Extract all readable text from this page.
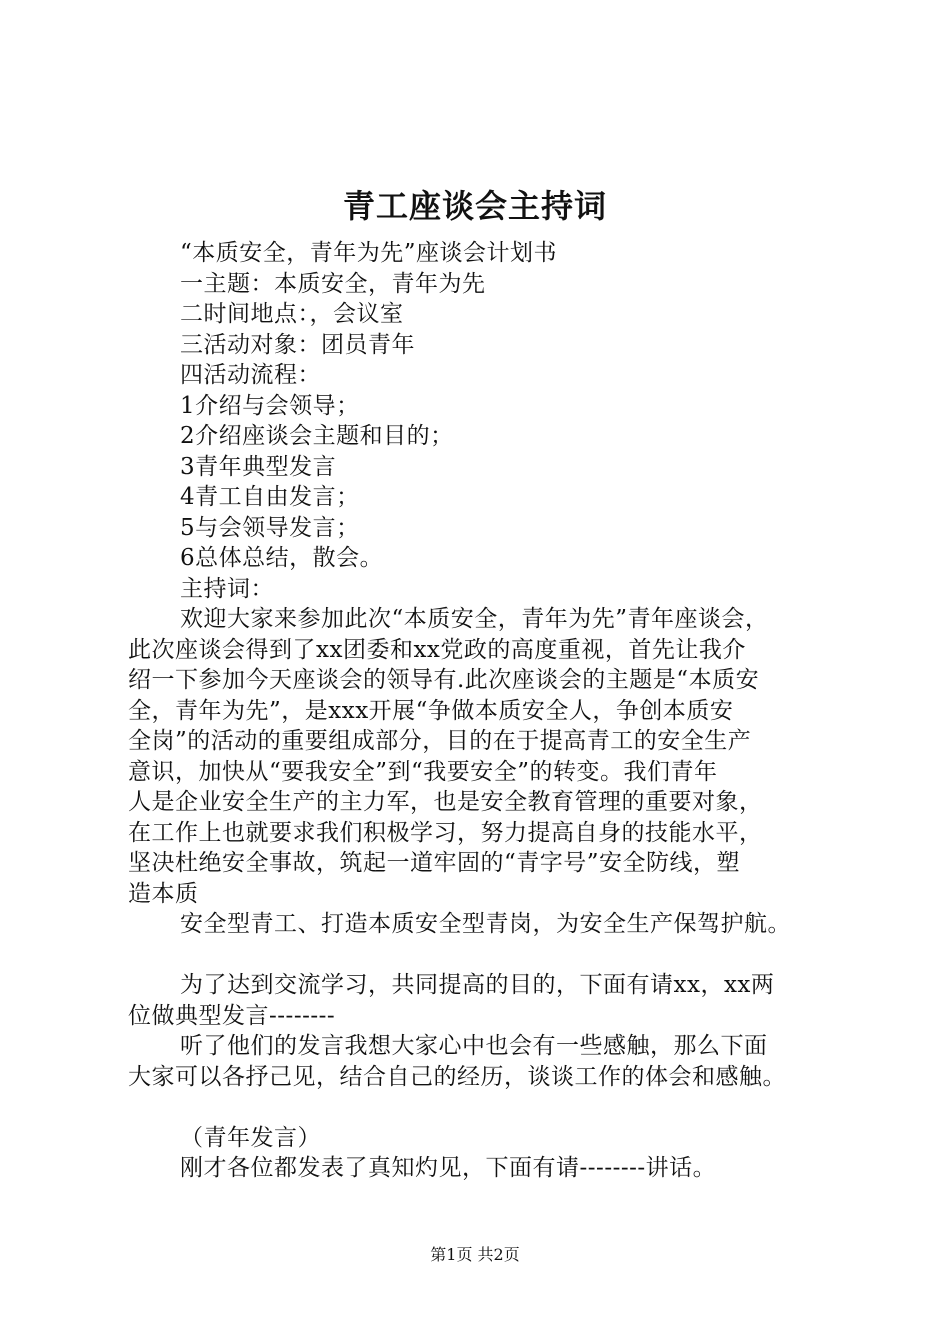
青工座谈会主持词
“本质安全，青年为先”座谈会计划书
一主题：本质安全，青年为先
二时间地点：，会议室
三活动对象：团员青年
四活动流程：
1介绍与会领导；
2介绍座谈会主题和目的；
3青年典型发言
4青工自由发言；
5与会领导发言；
6总体总结，散会。
主持词：
欢迎大家来参加此次“本质安全，青年为先”青年座谈会，
此次座谈会得到了xx团委和xx党政的高度重视，首先让我介
绍一下参加今天座谈会的领导有.此次座谈会的主题是“本质安
全，青年为先”，是xxx开展“争做本质安全人，争创本质安
全岗”的活动的重要组成部分，目的在于提高青工的安全生产
意识，加快从“要我安全”到“我要安全”的转变。我们青年
人是企业安全生产的主力军，也是安全教育管理的重要对象，
在工作上也就要求我们积极学习，努力提高自身的技能水平，
坚决杜绝安全事故，筑起一道牢固的“青字号”安全防线，塑
造本质
安全型青工、打造本质安全型青岗，为安全生产保驾护航。
为了达到交流学习，共同提高的目的，下面有请xx，xx两
位做典型发言--------
听了他们的发言我想大家心中也会有一些感触，那么下面
大家可以各抒己见，结合自己的经历，谈谈工作的体会和感触。
（青年发言）
刚才各位都发表了真知灼见，下面有请--------讲话。
第1页 共2页
